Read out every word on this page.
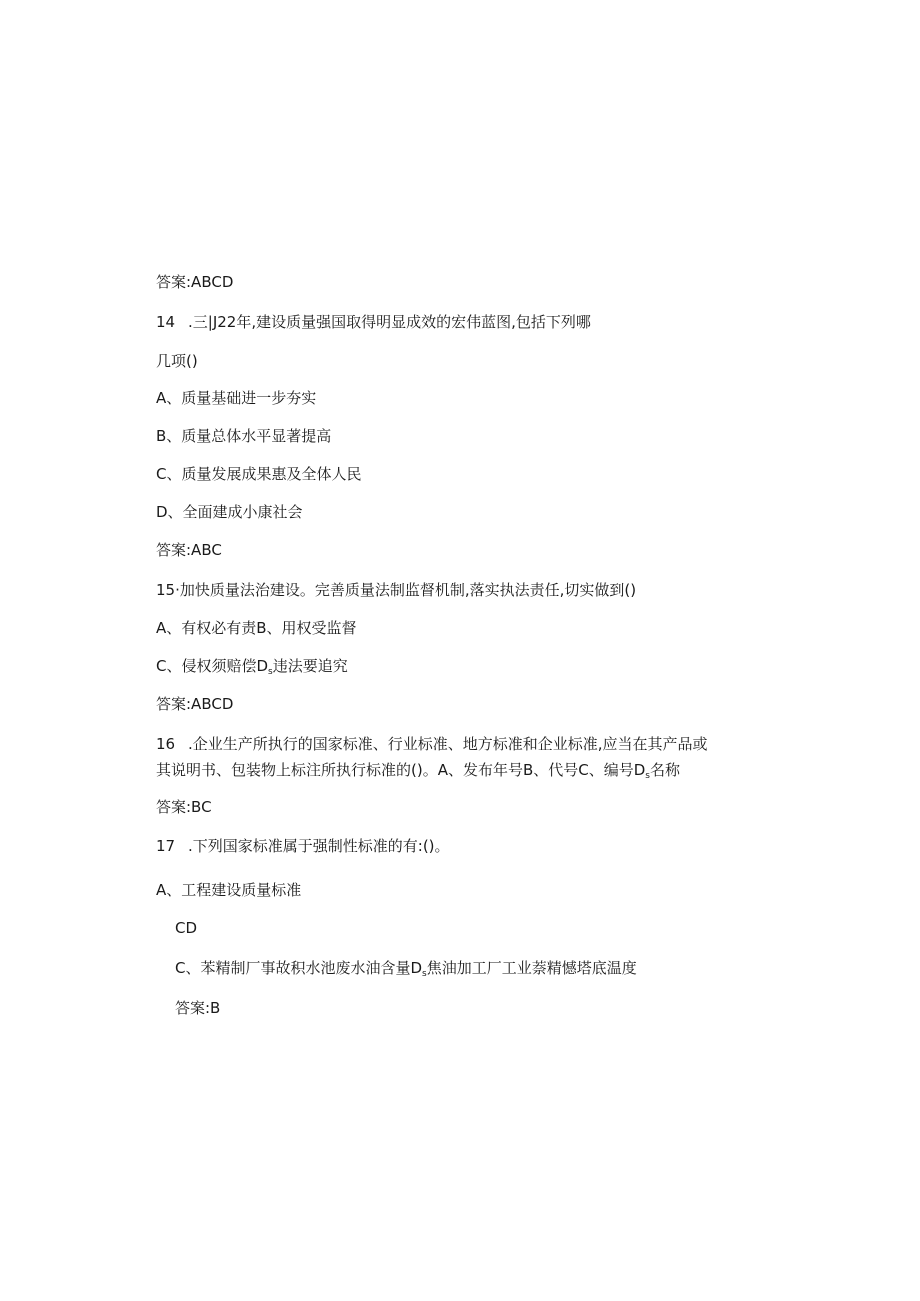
答案:ABCD
14 .三|J22年,建设质量强国取得明显成效的宏伟蓝图,包括下列哪
几项()
A、质量基础进一步夯实
B、质量总体水平显著提高
C、质量发展成果惠及全体人民
D、全面建成小康社会
答案:ABC
15·加快质量法治建设。完善质量法制监督机制,落实执法责任,切实做到()
A、有权必有责B、用权受监督
C、侵权须赔偿$D_s$违法要追究
答案:ABCD
16 .企业生产所执行的国家标准、行业标准、地方标准和企业标准,应当在其产品或
其说明书、包装物上标注所执行标准的()。A、发布年号B、代号C、编号$D_s$名称
答案:BC
17 .下列国家标准属于强制性标准的有:()。
A、工程建设质量标准
CD
C、苯精制厂事故积水池废水油含量$D_s$焦油加工厂工业萘精憾塔底温度
答案:B
